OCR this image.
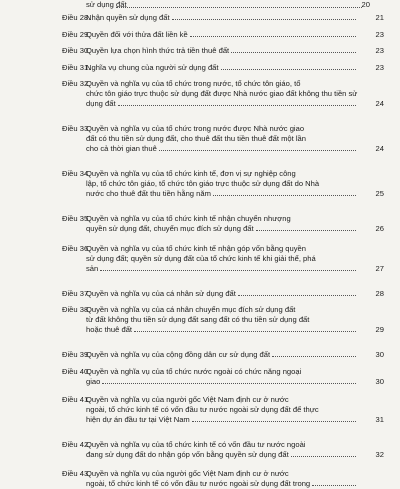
sử dụng đất	20
Điều 28.
Nhận quyền sử dụng đất	21
Điều 29.
Quyền đối với thửa đất liền kề	23
Điều 30.
Quyền lựa chọn hình thức trả tiền thuê đất	23
Điều 31.
Nghĩa vụ chung của người sử dụng đất	23
Điều 32.
Quyền và nghĩa vụ của tổ chức trong nước, tổ chức tôn giáo, tổ
chức tôn giáo trực thuộc sử dụng đất được Nhà nước giao đất không thu tiền sử
dụng đất	24
Điều 33.
Quyền và nghĩa vụ của tổ chức trong nước được Nhà nước giao
đất có thu tiền sử dụng đất, cho thuê đất thu tiền thuê đất một lần
cho cả thời gian thuê	24
Điều 34.
Quyền và nghĩa vụ của tổ chức kinh tế, đơn vị sự nghiệp công
lập, tổ chức tôn giáo, tổ chức tôn giáo trực thuộc sử dụng đất do Nhà
nước cho thuê đất thu tiền hằng năm	25
Điều 35.
Quyền và nghĩa vụ của tổ chức kinh tế nhận chuyển nhượng
quyền sử dụng đất, chuyển mục đích sử dụng đất	26
Điều 36.
Quyền và nghĩa vụ của tổ chức kinh tế nhận góp vốn bằng quyền
sử dụng đất; quyền sử dụng đất của tổ chức kinh tế khi giải thể, phá
sản	27
Điều 37.
Quyền và nghĩa vụ của cá nhân sử dụng đất	28
Điều 38.
Quyền và nghĩa vụ của cá nhân chuyển mục đích sử dụng đất
từ đất không thu tiền sử dụng đất sang đất có thu tiền sử dụng đất
hoặc thuê đất	29
Điều 39.
Quyền và nghĩa vụ của cộng đồng dân cư sử dụng đất	30
Điều 40.
Quyền và nghĩa vụ của tổ chức nước ngoài có chức năng ngoại
giao	30
Điều 41.
Quyền và nghĩa vụ của người gốc Việt Nam định cư ở nước
ngoài, tổ chức kinh tế có vốn đầu tư nước ngoài sử dụng đất để thực
hiện dự án đầu tư tại Việt Nam	31
Điều 42.
Quyền và nghĩa vụ của tổ chức kinh tế có vốn đầu tư nước ngoài
đang sử dụng đất do nhận góp vốn bằng quyền sử dụng đất	32
Điều 43.
Quyền và nghĩa vụ của người gốc Việt Nam định cư ở nước
ngoài, tổ chức kinh tế có vốn đầu tư nước ngoài sử dụng đất trong
